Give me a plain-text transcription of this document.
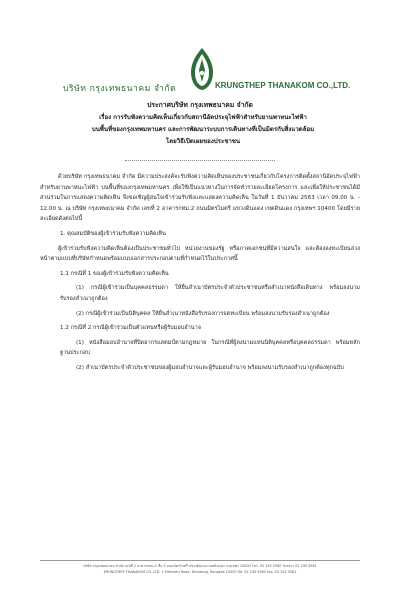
บริษัท กรุงเทพธนาคม จำกัด	KRUNGTHEP THANAKOM CO.,LTD.
ประกาศบริษัท กรุงเทพธนาคม จำกัด
เรื่อง การรับฟังความคิดเห็นเกี่ยวกับสถานีอัดประจุไฟฟ้าสำหรับยานพาหนะไฟฟ้า
บนพื้นที่ของกรุงเทพมหานคร และการพัฒนาระบบการเดินทางที่เป็นมิตรกับสิ่งแวดล้อม
โดยวิธีเปิดเผยของประชาชน

ด้วยบริษัท กรุงเทพธนาคม จำกัด มีความประสงค์จะรับฟังความคิดเห็นของประชาชนเกี่ยวกับโครงการติดตั้งสถานีอัดประจุไฟฟ้าสำหรับยานพาหนะไฟฟ้า บนพื้นที่ของกรุงเทพมหานคร เพื่อใช้เป็นแนวทางในการจัดทำรายละเอียดโครงการ และเพื่อให้ประชาชนได้มีส่วนร่วมในการแสดงความคิดเห็น จึงขอเชิญผู้สนใจเข้าร่วมรับฟังและแสดงความคิดเห็น ในวันที่ 1 ธันวาคม 2563 เวลา 09.00 น. - 12.00 น. ณ บริษัท กรุงเทพธนาคม จำกัด เลขที่ 2 อาคารกทม.2 ถนนมิตรไมตรี แขวงดินแดง เขตดินแดง กรุงเทพฯ 10400 โดยมีรายละเอียดดังต่อไปนี้

1. คุณสมบัติของผู้เข้าร่วมรับฟังความคิดเห็น

ผู้เข้าร่วมรับฟังความคิดเห็นต้องเป็นประชาชนทั่วไป หน่วยงานของรัฐ หรือภาคเอกชนที่มีความสนใจ และต้องลงทะเบียนล่วงหน้าตามแบบที่บริษัทกำหนดพร้อมแนบเอกสารประกอบตามที่กำหนดไว้ในประกาศนี้

1.1 กรณีที่ 1 ของผู้เข้าร่วมรับฟังความคิดเห็น

(1) กรณีผู้เข้าร่วมเป็นบุคคลธรรมดา ให้ยื่นสำเนาบัตรประจำตัวประชาชนหรือสำเนาหนังสือเดินทาง พร้อมลงนามรับรองสำเนาถูกต้อง

(2) กรณีผู้เข้าร่วมเป็นนิติบุคคล ให้ยื่นสำเนาหนังสือรับรองการจดทะเบียน พร้อมลงนามรับรองสำเนาถูกต้อง

1.2 กรณีที่ 2 กรณีผู้เข้าร่วมเป็นตัวแทนหรือผู้รับมอบอำนาจ

(1) หนังสือมอบอำนาจที่ปิดอากรแสตมป์ตามกฎหมาย ในกรณีที่ผู้ลงนามแทนนิติบุคคลหรือบุคคลธรรมดา พร้อมหลักฐานประกอบ

(2) สำเนาบัตรประจำตัวประชาชนของผู้มอบอำนาจและผู้รับมอบอำนาจ พร้อมลงนามรับรองสำเนาถูกต้องทุกฉบับ

บริษัท กรุงเทพธนาคม จำกัด เลขที่ 2 อาคารกทม.2 ชั้น 5 ถนนมิตรไมตรี แขวงดินแดง เขตดินแดง กรุงเทพฯ 10400 โทร. 02 245 5560 โทรสาร 02 245 5561
KRUNGTHEP THANAKOM CO.,LTD. 2 Mitmaitri Road, Dindaeng, Bangkok 10400 Tel. 02 245 5560 Fax. 02 245 5561
